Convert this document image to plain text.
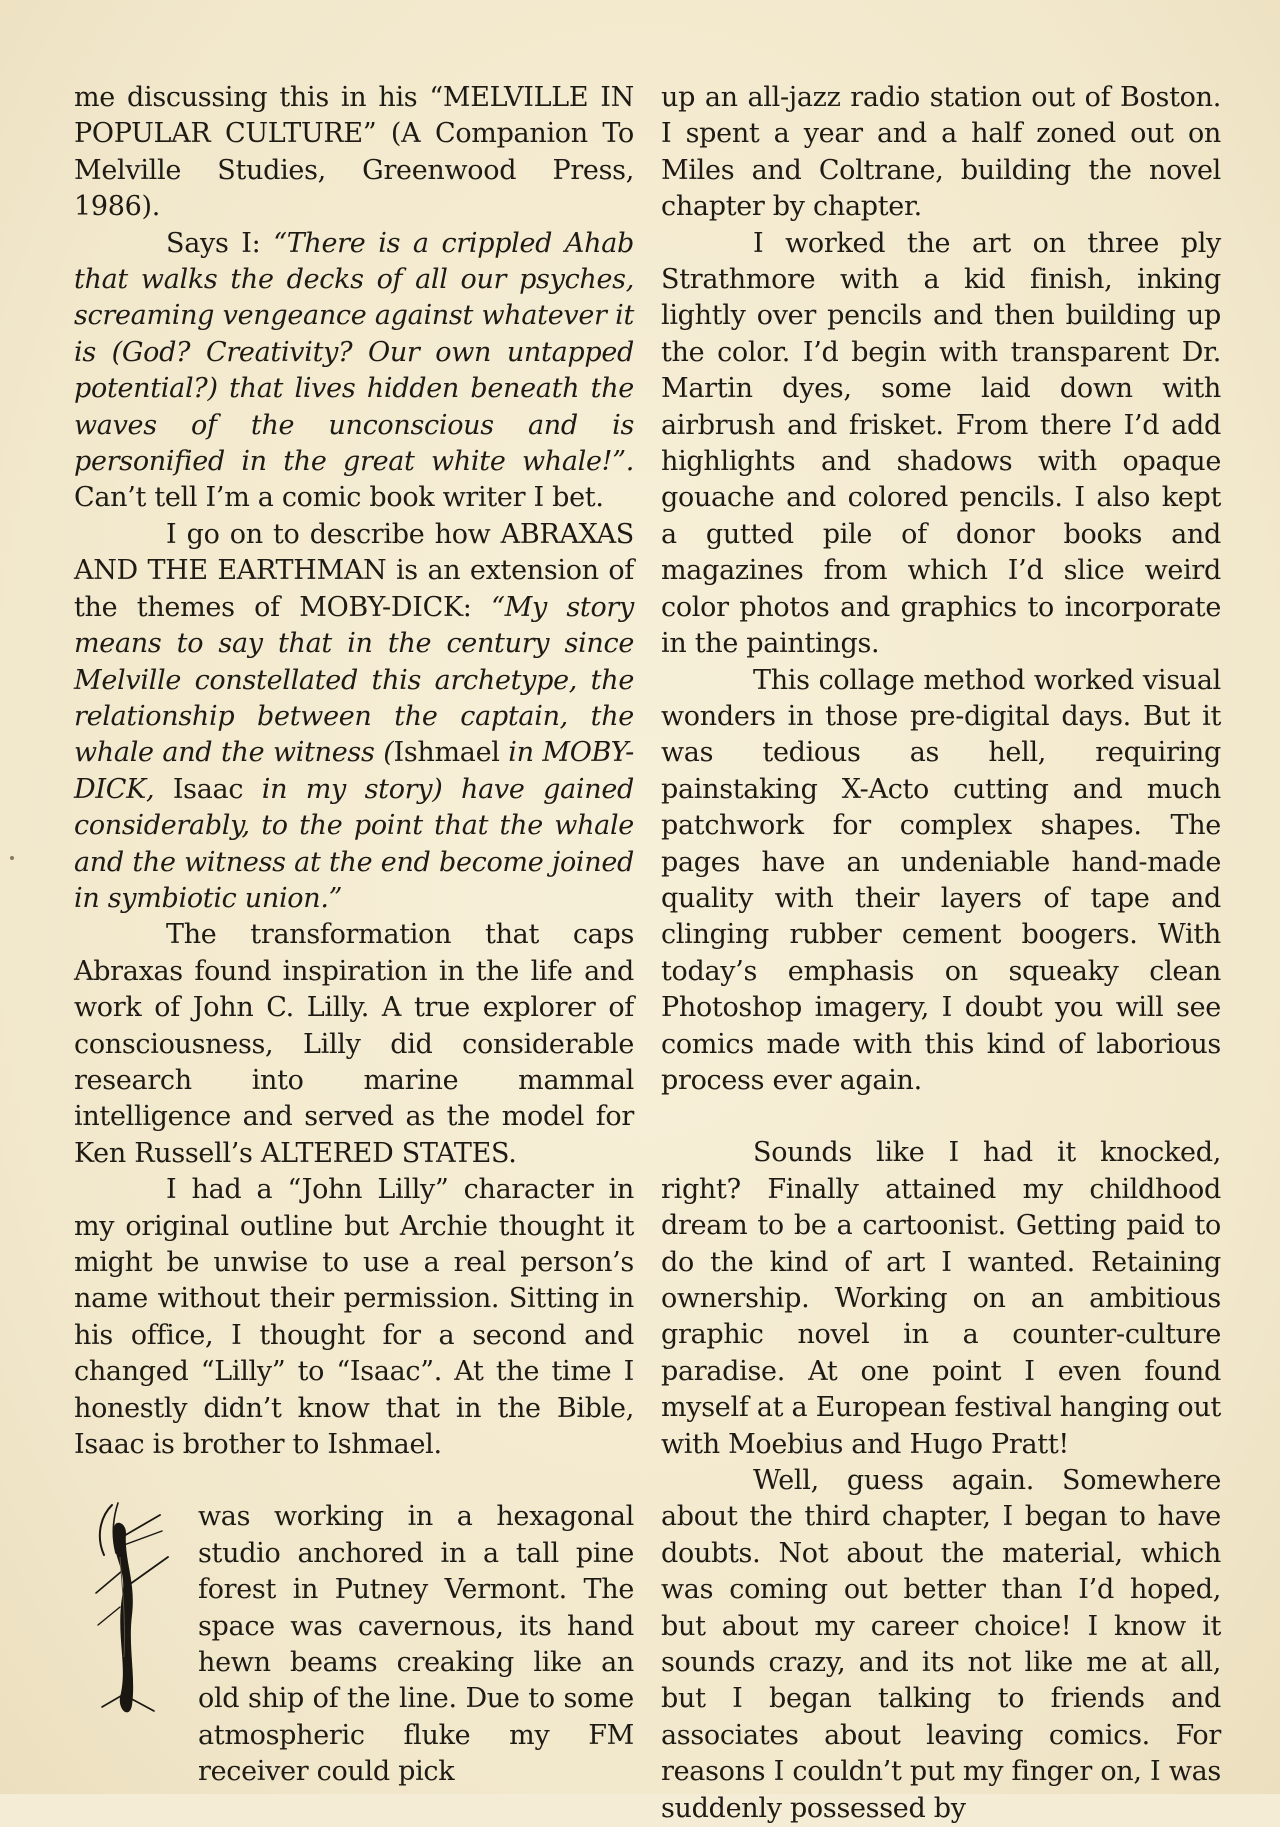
me discussing this in his “MELVILLE IN POPULAR CULTURE” (A Companion To Melville Studies, Greenwood Press, 1986).

Says I: “There is a crippled Ahab that walks the decks of all our psyches, screaming vengeance against whatever it is (God? Creativity? Our own untapped potential?) that lives hidden beneath the waves of the unconscious and is personified in the great white whale!”. Can’t tell I’m a comic book writer I bet.

I go on to describe how ABRAXAS AND THE EARTHMAN is an extension of the themes of MOBY-DICK: “My story means to say that in the century since Melville constellated this archetype, the relationship between the captain, the whale and the witness (Ishmael in MOBY-DICK, Isaac in my story) have gained considerably, to the point that the whale and the witness at the end become joined in symbiotic union.”

The transformation that caps Abraxas found inspiration in the life and work of John C. Lilly. A true explorer of consciousness, Lilly did considerable research into marine mammal intelligence and served as the model for Ken Russell’s ALTERED STATES.

I had a “John Lilly” character in my original outline but Archie thought it might be unwise to use a real person’s name without their permission. Sitting in his office, I thought for a second and changed “Lilly” to “Isaac”. At the time I honestly didn’t know that in the Bible, Isaac is brother to Ishmael.

was working in a hexagonal studio anchored in a tall pine forest in Putney Vermont. The space was cavernous, its hand hewn beams creaking like an old ship of the line. Due to some atmospheric fluke my FM receiver could pick

up an all-jazz radio station out of Boston. I spent a year and a half zoned out on Miles and Coltrane, building the novel chapter by chapter.

I worked the art on three ply Strathmore with a kid finish, inking lightly over pencils and then building up the color. I’d begin with transparent Dr. Martin dyes, some laid down with airbrush and frisket. From there I’d add highlights and shadows with opaque gouache and colored pencils. I also kept a gutted pile of donor books and magazines from which I’d slice weird color photos and graphics to incorporate in the paintings.

This collage method worked visual wonders in those pre-digital days. But it was tedious as hell, requiring painstaking X-Acto cutting and much patchwork for complex shapes. The pages have an undeniable hand-made quality with their layers of tape and clinging rubber cement boogers. With today’s emphasis on squeaky clean Photoshop imagery, I doubt you will see comics made with this kind of laborious process ever again.

Sounds like I had it knocked, right? Finally attained my childhood dream to be a cartoonist. Getting paid to do the kind of art I wanted. Retaining ownership. Working on an ambitious graphic novel in a counter-culture paradise. At one point I even found myself at a European festival hanging out with Moebius and Hugo Pratt!

Well, guess again. Somewhere about the third chapter, I began to have doubts. Not about the material, which was coming out better than I’d hoped, but about my career choice! I know it sounds crazy, and its not like me at all, but I began talking to friends and associates about leaving comics. For reasons I couldn’t put my finger on, I was suddenly possessed by
